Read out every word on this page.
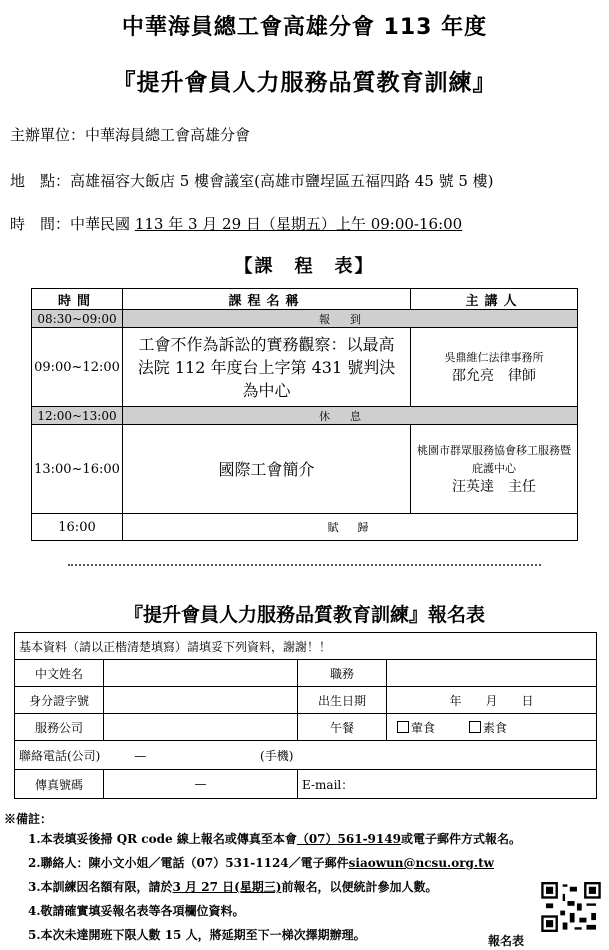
中華海員總工會高雄分會 113 年度
『提升會員人力服務品質教育訓練』
主辦單位：中華海員總工會高雄分會
地　點：高雄福容大飯店 5 樓會議室(高雄市鹽埕區五福四路 45 號 5 樓)
時　間：中華民國 113 年 3 月 29 日（星期五）上午 09:00-16:00
【課　程　表】
時間	課程名稱	主講人
08:30~09:00	報到	
09:00~12:00	工會不作為訴訟的實務觀察：以最高法院 112 年度台上字第 431 號判決為中心	吳鼎維仁法律事務所
邵允亮　律師

12:00~13:00	休息	
13:00~16:00	國際工會簡介	桃園市群眾服務協會移工服務暨庇護中心
汪英達　主任

16:00	賦　歸	
『提升會員人力服務品質教育訓練』報名表
基本資料（請以正楷清楚填寫）請填妥下列資料，謝謝！！			
中文姓名		職務	
身分證字號		出生日期	年　　月　　日
服務公司		午餐	葷食 素食
聯絡電話(公司) — (手機)			
傳真號碼	—	E-mail：	
※備註：
1.本表填妥後掃 QR code 線上報名或傳真至本會（07）561-9149或電子郵件方式報名。
2.聯絡人：陳小文小姐／電話（07）531-1124／電子郵件siaowun@ncsu.org.tw
3.本訓練因名額有限，請於3 月 27 日(星期三)前報名，以便統計參加人數。
4.敬請確實填妥報名表等各項欄位資料。
5.本次未達開班下限人數 15 人，將延期至下一梯次擇期辦理。	報名表
